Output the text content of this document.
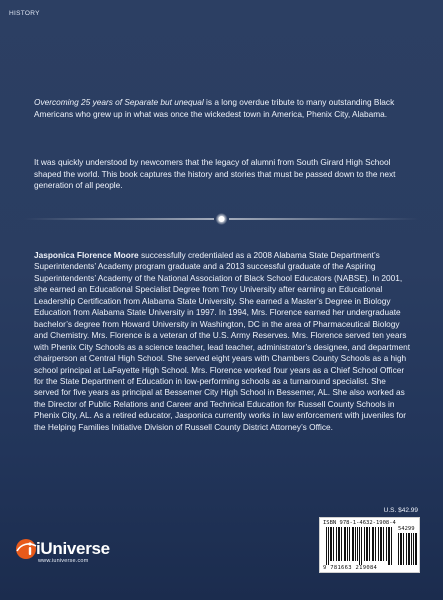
HISTORY
Overcoming 25 years of Separate but unequal is a long overdue tribute to many outstanding Black Americans who grew up in what was once the wickedest town in America, Phenix City, Alabama.
It was quickly understood by newcomers that the legacy of alumni from South Girard High School shaped the world. This book captures the history and stories that must be passed down to the next generation of all people.
Jasponica Florence Moore successfully credentialed as a 2008 Alabama State Department’s Superintendents’ Academy program graduate and a 2013 successful graduate of the Aspiring Superintendents’ Academy of the National Association of Black School Educators (NABSE). In 2001, she earned an Educational Specialist Degree from Troy University after earning an Educational Leadership Certification from Alabama State University. She earned a Master’s Degree in Biology Education from Alabama State University in 1997. In 1994, Mrs. Florence earned her undergraduate bachelor’s degree from Howard University in Washington, DC in the area of Pharmaceutical Biology and Chemistry. Mrs. Florence is a veteran of the U.S. Army Reserves. Mrs. Florence served ten years with Phenix City Schools as a science teacher, lead teacher, administrator’s designee, and department chairperson at Central High School. She served eight years with Chambers County Schools as a high school principal at LaFayette High School. Mrs. Florence worked four years as a Chief School Officer for the State Department of Education in low-performing schools as a turnaround specialist. She served for five years as principal at Bessemer City High School in Bessemer, AL. She also worked as the Director of Public Relations and Career and Technical Education for Russell County Schools in Phenix City, AL. As a retired educator, Jasponica currently works in law enforcement with juveniles for the Helping Families Initiative Division of Russell County District Attorney’s Office.
U.S. $42.99
ISBN 978-1-4632-1908-4
54299
9 781663 219084
iUniverse
www.iuniverse.com
